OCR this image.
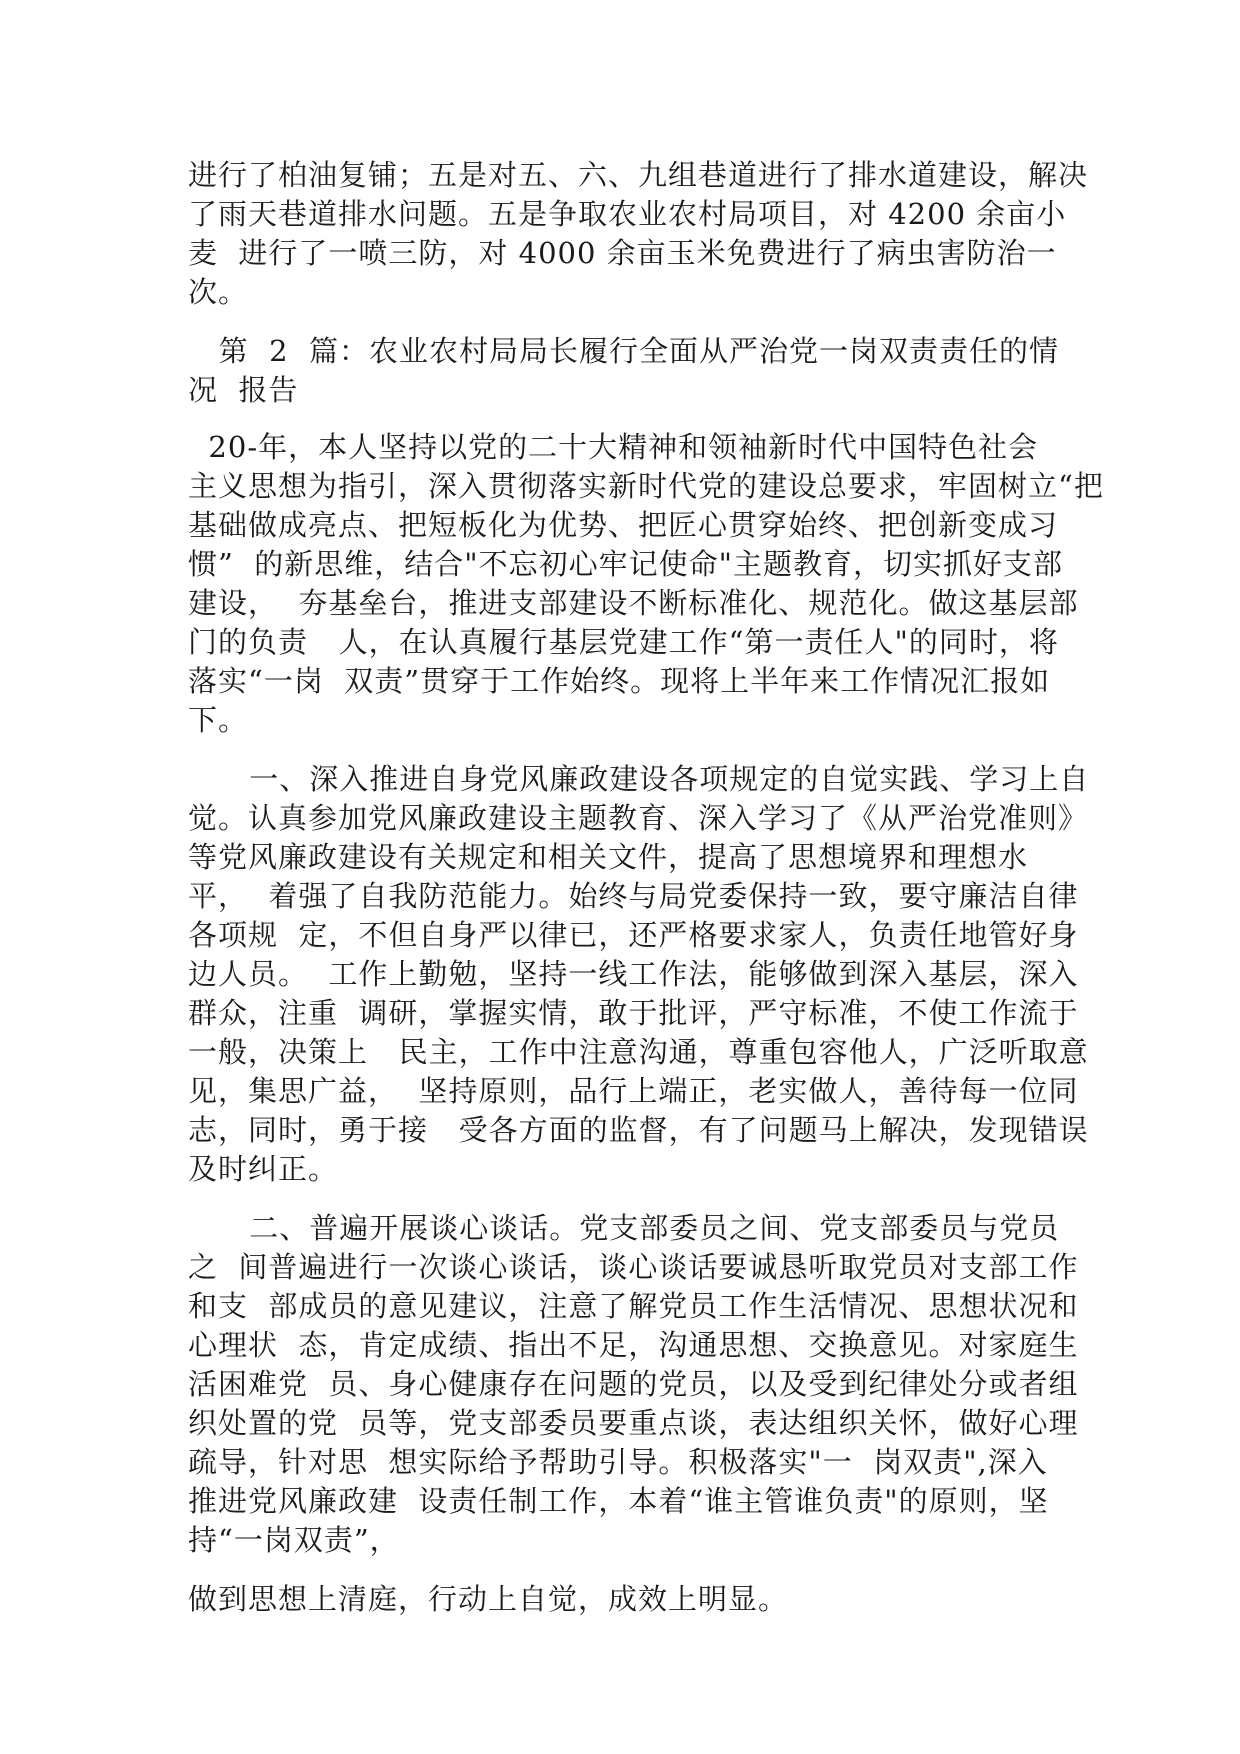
进行了柏油复铺；五是对五、六、九组巷道进行了排水道建设，解决
了雨天巷道排水问题。五是争取农业农村局项目，对 4200 余亩小
麦  进行了一喷三防，对 4000 余亩玉米免费进行了病虫害防治一
次。
第  2  篇：农业农村局局长履行全面从严治党一岗双责责任的情
况  报告
20-年，本人坚持以党的二十大精神和领袖新时代中国特色社会
主义思想为指引，深入贯彻落实新时代党的建设总要求，牢固树立“把
基础做成亮点、把短板化为优势、把匠心贯穿始终、把创新变成习
惯”  的新思维，结合"不忘初心牢记使命"主题教育，切实抓好支部
建设，  夯基垒台，推进支部建设不断标准化、规范化。做这基层部
门的负责   人，在认真履行基层党建工作“第一责任人"的同时，将
落实“一岗  双责”贯穿于工作始终。现将上半年来工作情况汇报如
下。
一、深入推进自身党风廉政建设各项规定的自觉实践、学习上自
觉。认真参加党风廉政建设主题教育、深入学习了《从严治党准则》
等党风廉政建设有关规定和相关文件，提高了思想境界和理想水
平，  着强了自我防范能力。始终与局党委保持一致，要守廉洁自律
各项规  定，不但自身严以律已，还严格要求家人，负责任地管好身
边人员。  工作上勤勉，坚持一线工作法，能够做到深入基层，深入
群众，注重  调研，掌握实情，敢于批评，严守标准，不使工作流于
一般，决策上   民主，工作中注意沟通，尊重包容他人，广泛听取意
见，集思广益，  坚持原则，品行上端正，老实做人，善待每一位同
志，同时，勇于接   受各方面的监督，有了问题马上解决，发现错误
及时纠正。
二、普遍开展谈心谈话。党支部委员之间、党支部委员与党员
之  间普遍进行一次谈心谈话，谈心谈话要诚恳听取党员对支部工作
和支  部成员的意见建议，注意了解党员工作生活情况、思想状况和
心理状  态，肯定成绩、指出不足，沟通思想、交换意见。对家庭生
活困难党  员、身心健康存在问题的党员，以及受到纪律处分或者组
织处置的党  员等，党支部委员要重点谈，表达组织关怀，做好心理
疏导，针对思  想实际给予帮助引导。积极落实"一  岗双责",深入
推进党风廉政建  设责任制工作，本着“谁主管谁负责"的原则，坚
持“一岗双责”，
做到思想上清庭，行动上自觉，成效上明显。
